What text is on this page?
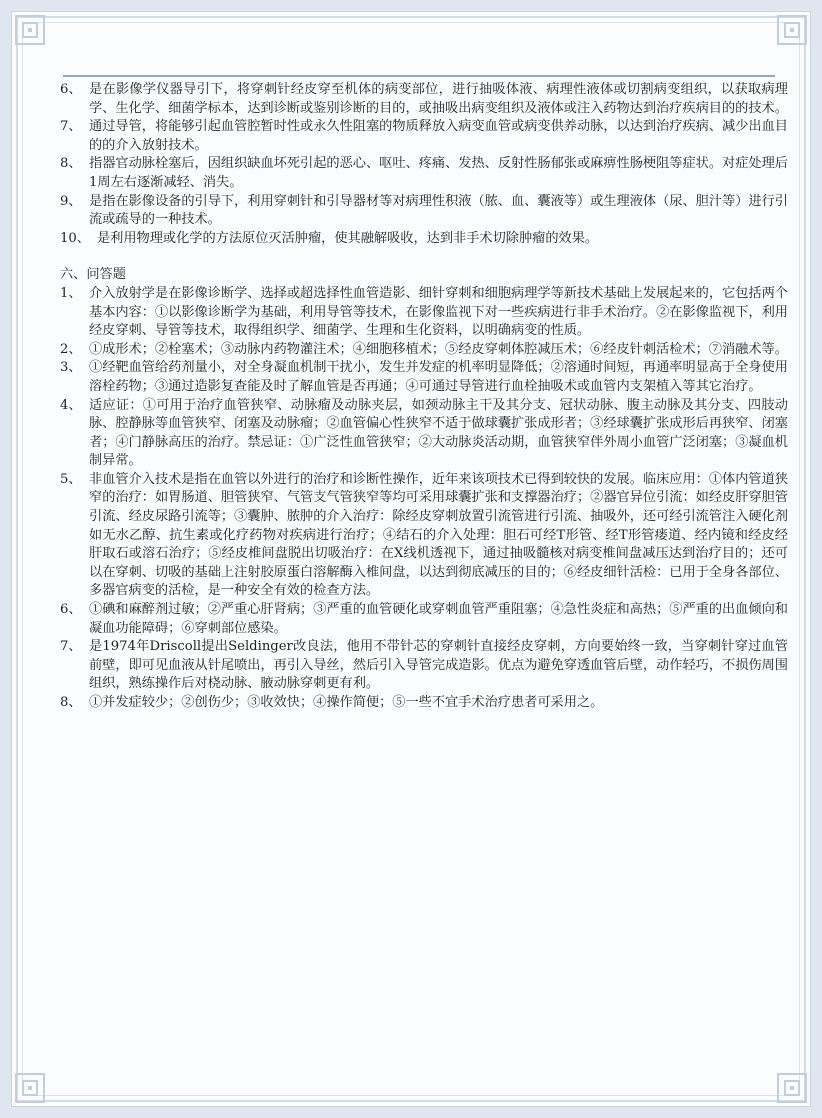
6、 是在影像学仪器导引下，将穿刺针经皮穿至机体的病变部位，进行抽吸体液、病理性液体或切割病变组织，以获取病理学、生化学、细菌学标本，达到诊断或鉴别诊断的目的，或抽吸出病变组织及液体或注入药物达到治疗疾病目的的技术。

7、 通过导管，将能够引起血管腔暂时性或永久性阻塞的物质释放入病变血管或病变供养动脉，以达到治疗疾病、减少出血目的的介入放射技术。

8、 指器官动脉栓塞后，因组织缺血坏死引起的恶心、呕吐、疼痛、发热、反射性肠郁张或麻痹性肠梗阻等症状。对症处理后1周左右逐渐减轻、消失。

9、 是指在影像设备的引导下，利用穿刺针和引导器材等对病理性积液（脓、血、囊液等）或生理液体（尿、胆汁等）进行引流或疏导的一种技术。

10、 是利用物理或化学的方法原位灭活肿瘤，使其融解吸收，达到非手术切除肿瘤的效果。

六、问答题

1、 介入放射学是在影像诊断学、选择或超选择性血管造影、细针穿刺和细胞病理学等新技术基础上发展起来的，它包括两个基本内容：①以影像诊断学为基础，利用导管等技术，在影像监视下对一些疾病进行非手术治疗。②在影像监视下，利用经皮穿刺、导管等技术，取得组织学、细菌学、生理和生化资料，以明确病变的性质。

2、 ①成形术；②栓塞术；③动脉内药物灌注术；④细胞移植术；⑤经皮穿刺体腔减压术；⑥经皮针刺活检术；⑦消融术等。

3、 ①经靶血管给药剂量小，对全身凝血机制干扰小，发生并发症的机率明显降低；②溶通时间短，再通率明显高于全身使用溶栓药物；③通过造影复查能及时了解血管是否再通；④可通过导管进行血栓抽吸术或血管内支架植入等其它治疗。

4、 适应证：①可用于治疗血管狭窄、动脉瘤及动脉夹层，如颈动脉主干及其分支、冠状动脉、腹主动脉及其分支、四肢动脉、腔静脉等血管狭窄、闭塞及动脉瘤；②血管偏心性狭窄不适于做球囊扩张成形者；③经球囊扩张成形后再狭窄、闭塞者；④门静脉高压的治疗。禁忌证：①广泛性血管狭窄；②大动脉炎活动期，血管狭窄伴外周小血管广泛闭塞；③凝血机制异常。

5、 非血管介入技术是指在血管以外进行的治疗和诊断性操作，近年来该项技术已得到较快的发展。临床应用：①体内管道狭窄的治疗：如胃肠道、胆管狭窄、气管支气管狭窄等均可采用球囊扩张和支撑器治疗；②器官异位引流：如经皮肝穿胆管引流、经皮尿路引流等；③囊肿、脓肿的介入治疗：除经皮穿刺放置引流管进行引流、抽吸外，还可经引流管注入硬化剂如无水乙醇、抗生素或化疗药物对疾病进行治疗；④结石的介入处理：胆石可经T形管、经T形管瘘道、经内镜和经皮经肝取石或溶石治疗；⑤经皮椎间盘脱出切吸治疗：在X线机透视下，通过抽吸髓核对病变椎间盘减压达到治疗目的；还可以在穿刺、切吸的基础上注射胶原蛋白溶解酶入椎间盘，以达到彻底减压的目的；⑥经皮细针活检：已用于全身各部位、多器官病变的活检，是一种安全有效的检查方法。

6、 ①碘和麻醉剂过敏；②严重心肝肾病；③严重的血管硬化或穿刺血管严重阻塞；④急性炎症和高热；⑤严重的出血倾向和凝血功能障碍；⑥穿刺部位感染。

7、 是1974年Driscoll提出Seldinger改良法，他用不带针芯的穿刺针直接经皮穿刺，方向要始终一致，当穿刺针穿过血管前壁，即可见血液从针尾喷出，再引入导丝，然后引入导管完成造影。优点为避免穿透血管后壁，动作轻巧，不损伤周围组织，熟练操作后对桡动脉、腋动脉穿刺更有利。

8、 ①并发症较少；②创伤少；③收效快；④操作简便；⑤一些不宜手术治疗患者可采用之。
